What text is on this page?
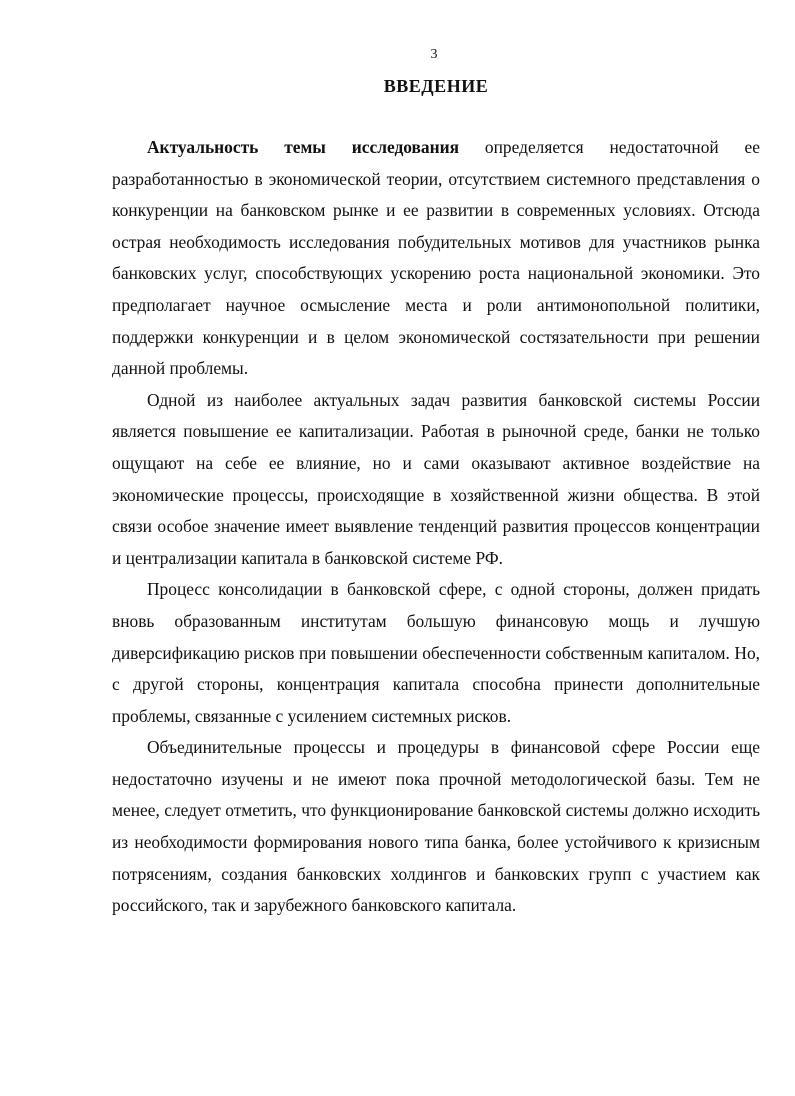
3
ВВЕДЕНИЕ

Актуальность темы исследования определяется недостаточной ее разработанностью в экономической теории, отсутствием системного представления о конкуренции на банковском рынке и ее развитии в современных условиях. Отсюда острая необходимость исследования побудительных мотивов для участников рынка банковских услуг, способствующих ускорению роста национальной экономики. Это предполагает научное осмысление места и роли антимонопольной политики, поддержки конкуренции и в целом экономической состязательности при решении данной проблемы.

Одной из наиболее актуальных задач развития банковской системы России является повышение ее капитализации. Работая в рыночной среде, банки не только ощущают на себе ее влияние, но и сами оказывают активное воздействие на экономические процессы, происходящие в хозяйственной жизни общества. В этой связи особое значение имеет выявление тенденций развития процессов концентрации и централизации капитала в банковской системе РФ.

Процесс консолидации в банковской сфере, с одной стороны, должен придать вновь образованным институтам большую финансовую мощь и лучшую диверсификацию рисков при повышении обеспеченности собственным капиталом. Но, с другой стороны, концентрация капитала способна принести дополнительные проблемы, связанные с усилением системных рисков.

Объединительные процессы и процедуры в финансовой сфере России еще недостаточно изучены и не имеют пока прочной методологической базы. Тем не менее, следует отметить, что функционирование банковской системы должно исходить из необходимости формирования нового типа банка, более устойчивого к кризисным потрясениям, создания банковских холдингов и банковских групп с участием как российского, так и зарубежного банковского капитала.
